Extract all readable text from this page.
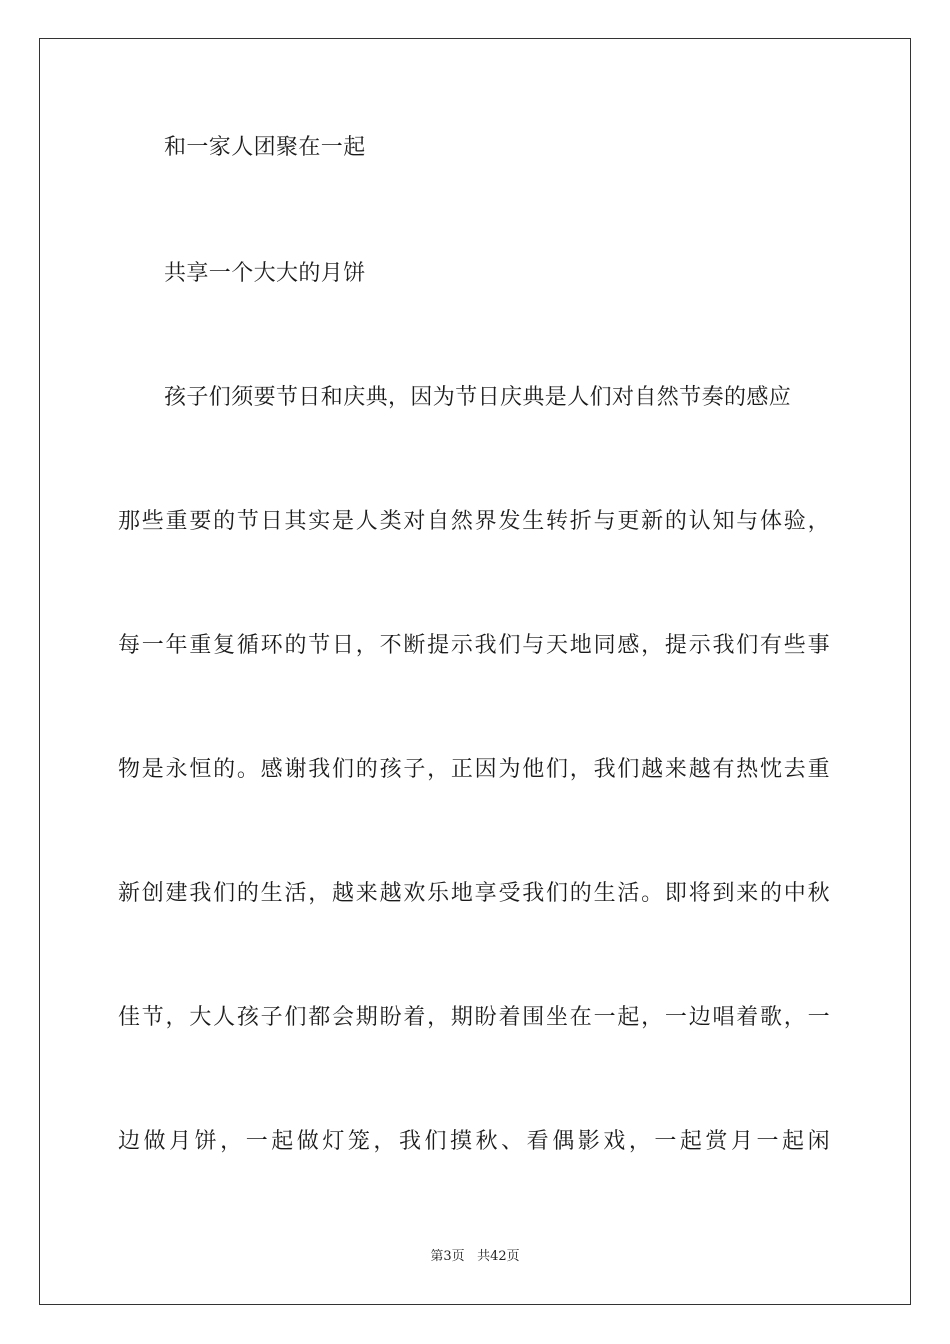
和一家人团聚在一起
共享一个大大的月饼
孩子们须要节日和庆典，因为节日庆典是人们对自然节奏的感应
那些重要的节日其实是人类对自然界发生转折与更新的认知与体验，
每一年重复循环的节日，不断提示我们与天地同感，提示我们有些事
物是永恒的。感谢我们的孩子，正因为他们，我们越来越有热忱去重
新创建我们的生活，越来越欢乐地享受我们的生活。即将到来的中秋
佳节，大人孩子们都会期盼着，期盼着围坐在一起，一边唱着歌，一
边做月饼，一起做灯笼，我们摸秋、看偶影戏，一起赏月一起闲
第3页 共42页
